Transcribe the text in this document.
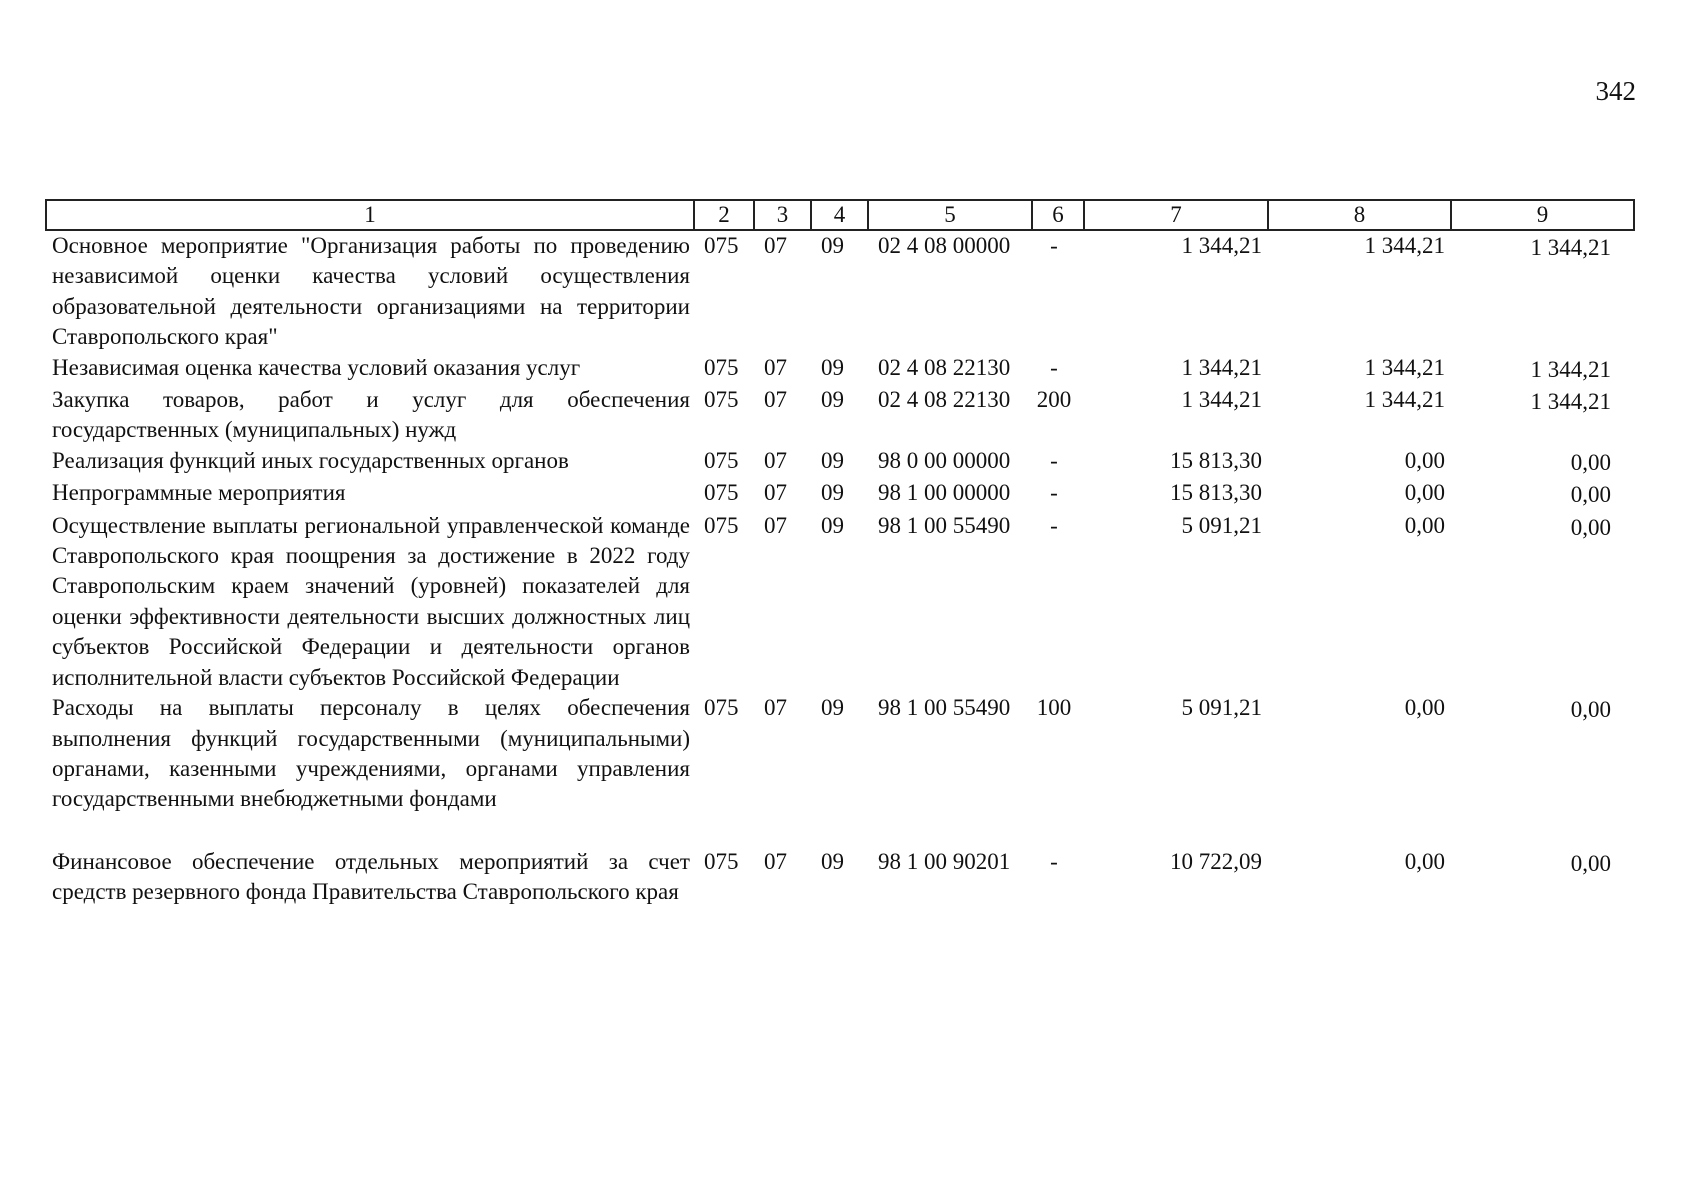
342
1	2	3	4	5	6	7	8	9
Основное мероприятие "Организация работы по проведению независимой оценки качества условий осуществления образовательной деятельности организациями на территории Ставропольского края"	075	07	09	02 4 08 00000	-	1 344,21	1 344,21	1 344,21
Независимая оценка качества условий оказания услуг	075	07	09	02 4 08 22130	-	1 344,21	1 344,21	1 344,21
Закупка товаров, работ и услуг для обеспечения государственных (муниципальных) нужд	075	07	09	02 4 08 22130	200	1 344,21	1 344,21	1 344,21
Реализация функций иных государственных органов	075	07	09	98 0 00 00000	-	15 813,30	0,00	0,00
Непрограммные мероприятия	075	07	09	98 1 00 00000	-	15 813,30	0,00	0,00
Осуществление выплаты региональной управленческой команде Ставропольского края поощрения за достижение в 2022 году Ставропольским краем значений (уровней) показателей для оценки эффективности деятельности высших должностных лиц субъектов Российской Федерации и деятельности органов исполнительной власти субъектов Российской Федерации	075	07	09	98 1 00 55490	-	5 091,21	0,00	0,00
Расходы на выплаты персоналу в целях обеспечения выполнения функций государственными (муниципальными) органами, казенными учреждениями, органами управления государственными внебюджетными фондами	075	07	09	98 1 00 55490	100	5 091,21	0,00	0,00
Финансовое обеспечение отдельных мероприятий за счет средств резервного фонда Правительства Ставропольского края	075	07	09	98 1 00 90201	-	10 722,09	0,00	0,00
